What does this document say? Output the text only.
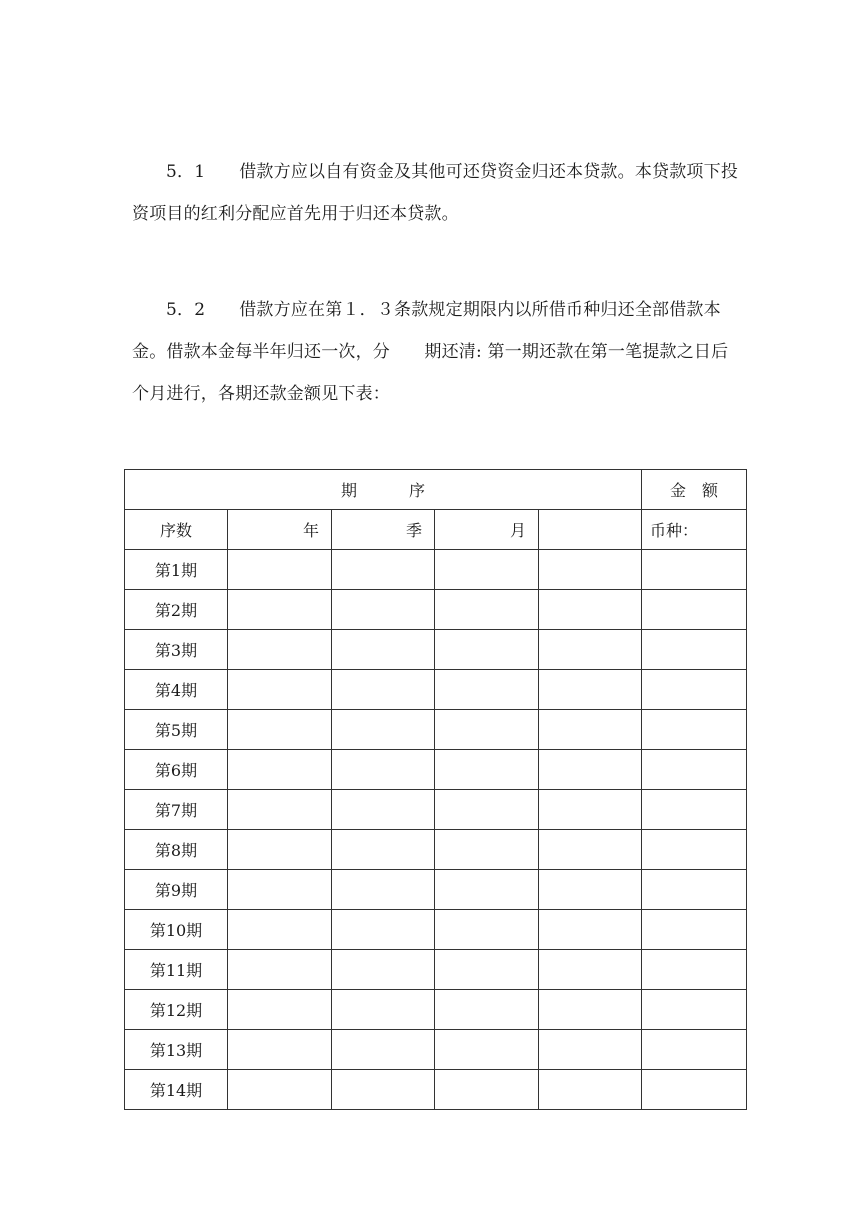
5．1 借款方应以自有资金及其他可还贷资金归还本贷款。本贷款项下投
资项目的红利分配应首先用于归还本贷款。
5．2 借款方应在第１．３条款规定期限内以所借币种归还全部借款本
金。借款本金每半年归还一次，分　　期还清: 第一期还款在第一笔提款之日后
个月进行，各期还款金额见下表：
期　序					金　额
序数	年	季	月		币种：
第1期					
第2期					
第3期					
第4期					
第5期					
第6期					
第7期					
第8期					
第9期					
第10期					
第11期					
第12期					
第13期					
第14期					
